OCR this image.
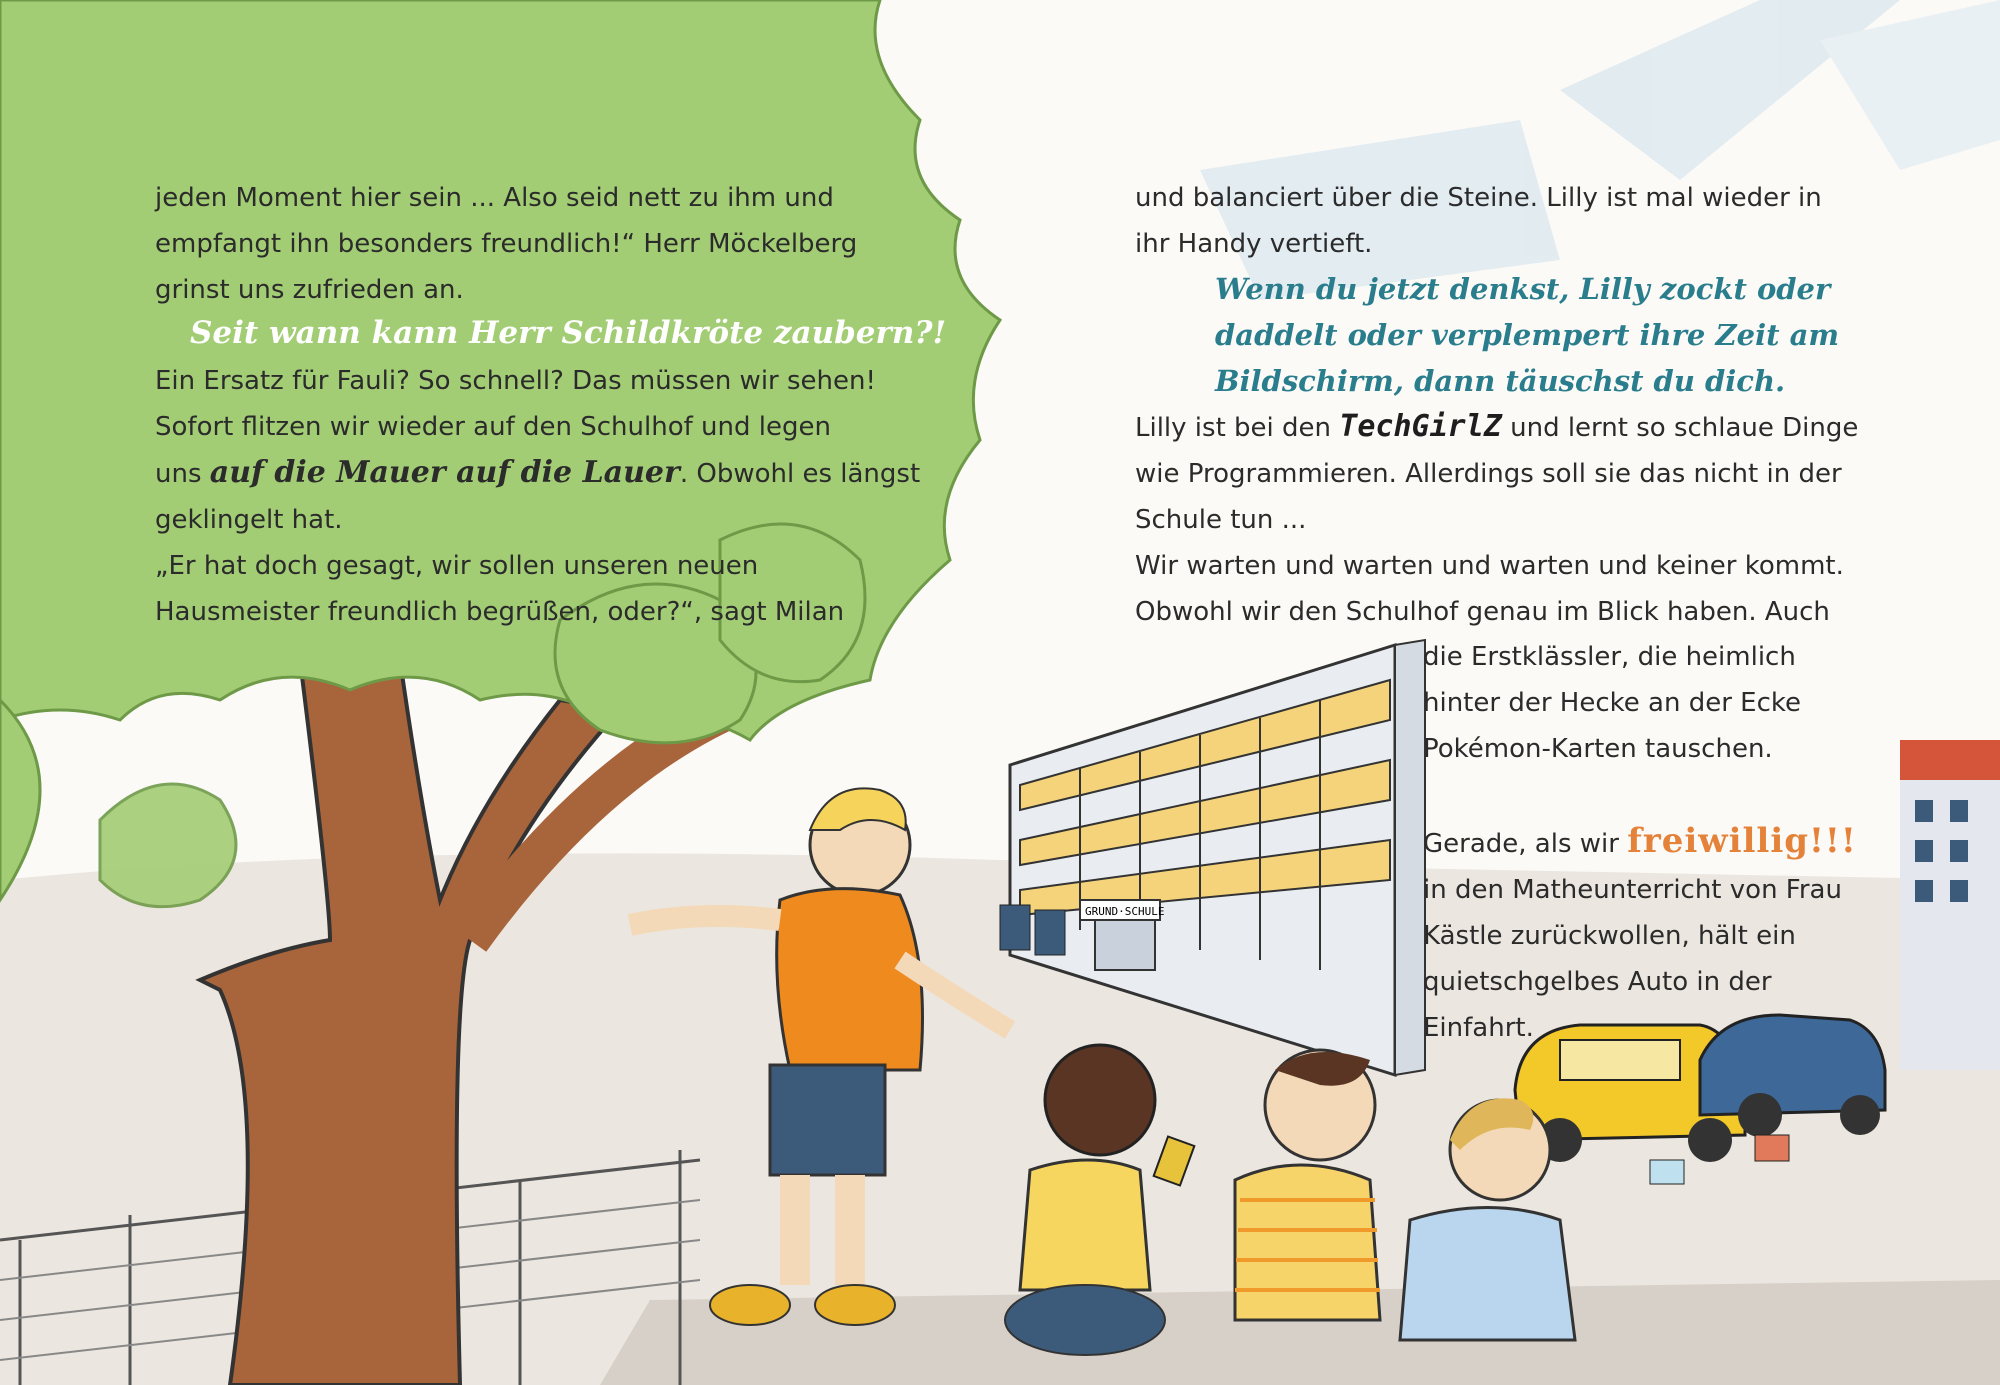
GRUND·SCHULE
jeden Moment hier sein ... Also seid nett zu ihm und
empfangt ihn besonders freundlich!“ Herr Möckelberg
grinst uns zufrieden an.
Seit wann kann Herr Schildkröte zaubern?!
Ein Ersatz für Fauli? So schnell? Das müssen wir sehen!
Sofort flitzen wir wieder auf den Schulhof und legen
uns auf die Mauer auf die Lauer. Obwohl es längst
geklingelt hat.
„Er hat doch gesagt, wir sollen unseren neuen
Hausmeister freundlich begrüßen, oder?“, sagt Milan
und balanciert über die Steine. Lilly ist mal wieder in
ihr Handy vertieft.
Wenn du jetzt denkst, Lilly zockt oder
daddelt oder verplempert ihre Zeit am
Bildschirm, dann täuschst du dich.
Lilly ist bei den TechGirlZ und lernt so schlaue Dinge
wie Programmieren. Allerdings soll sie das nicht in der
Schule tun ...
Wir warten und warten und warten und keiner kommt.
Obwohl wir den Schulhof genau im Blick haben. Auch
die Erstklässler, die heimlich
hinter der Hecke an der Ecke
Pokémon-Karten tauschen.

Gerade, als wir freiwillig!!!
in den Matheunterricht von Frau
Kästle zurückwollen, hält ein
quietschgelbes Auto in der
Einfahrt.
